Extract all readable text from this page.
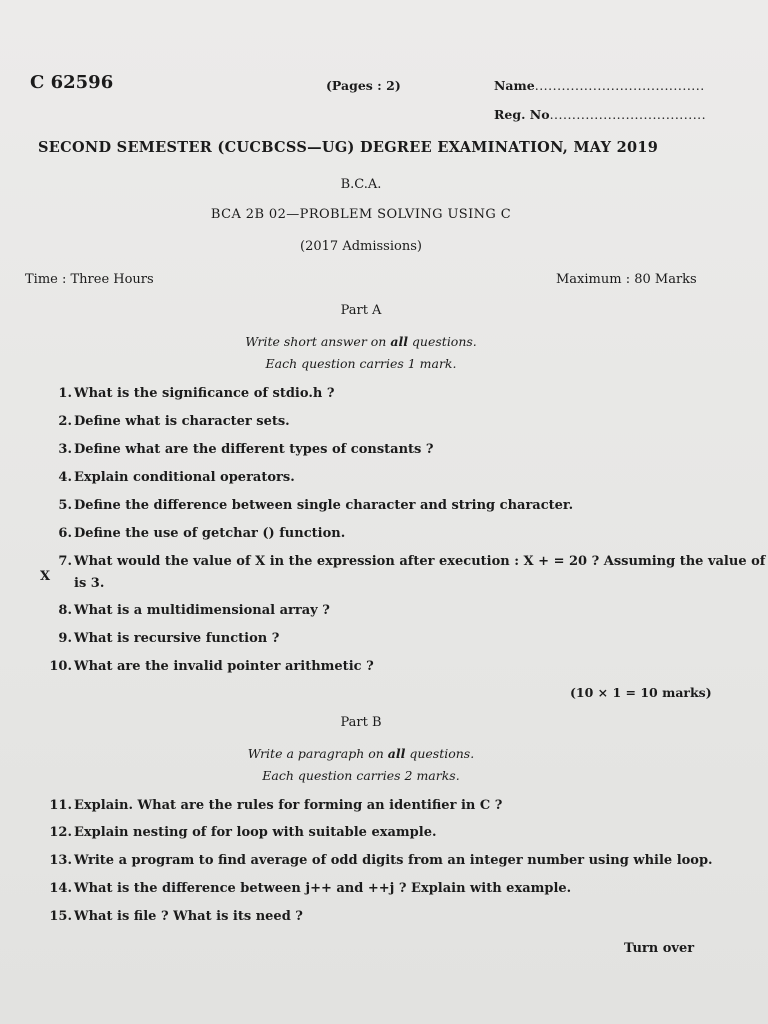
C 62596	(Pages : 2)	Name......................................
Reg. No...................................
SECOND SEMESTER (CUCBCSS—UG) DEGREE EXAMINATION, MAY 2019
B.C.A.
BCA 2B 02—PROBLEM SOLVING USING C
(2017 Admissions)
Time : Three Hours	Maximum : 80 Marks
Part A
Write short answer on all questions.
Each question carries 1 mark.
1. What is the significance of stdio.h ?
2. Define what is character sets.
3. Define what are the different types of constants ?
4. Explain conditional operators.
5. Define the difference between single character and string character.
6. Define the use of getchar () function.
7. What would the value of X in the expression after execution : X + = 20 ? Assuming the value of X	is 3.
8. What is a multidimensional array ?
9. What is recursive function ?
10. What are the invalid pointer arithmetic ?
(10 × 1 = 10 marks)
Part B
Write a paragraph on all questions.
Each question carries 2 marks.
11. Explain. What are the rules for forming an identifier in C ?
12. Explain nesting of for loop with suitable example.
13. Write a program to find average of odd digits from an integer number using while loop.
14. What is the difference between j++ and ++j ? Explain with example.
15. What is file ? What is its need ?
Turn over
